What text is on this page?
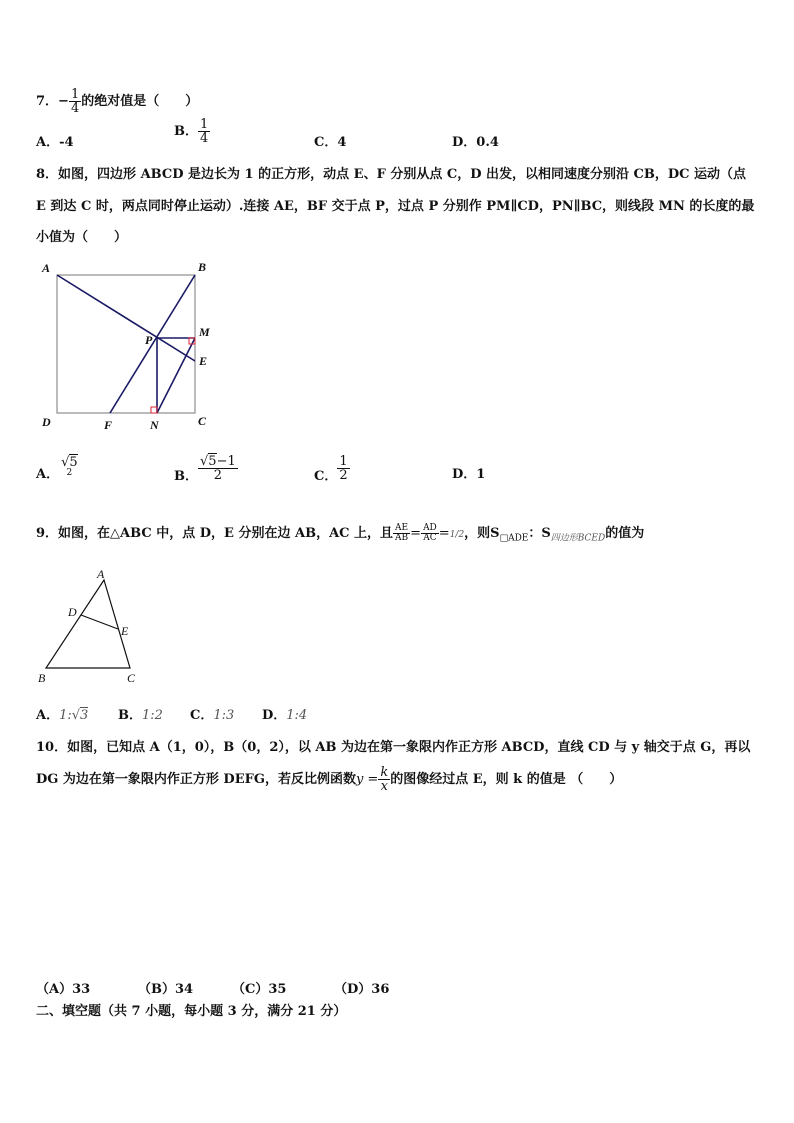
7．− $\frac{1}{4}$ 的绝对值是（　　）
A．-4
B． $\frac{1}{4}$	C．4	D．0.4
8．如图，四边形 ABCD 是边长为 1 的正方形，动点 E、F 分别从点 C，D 出发，以相同速度分别沿 CB，DC 运动（点
E 到达 C 时，两点同时停止运动）.连接 AE，BF 交于点 P，过点 P 分别作 PM∥CD，PN∥BC，则线段 MN 的长度的最
小值为（　　）
A	B
C
D
P
M
E
F	N
A．
√5
2	B． $\frac{√5-1}{2}$	C． $\frac{1}{2}$	D．1
9．如图，在△ABC 中，点 D，E 分别在边 AB，AC 上，且 $\frac{AE}{AB} = \frac{AD}{AC} =1/2$，则$S_{□ADE}$：$S_{四边形BCED}$的值为
A
B	C
D
E
A．1:√3 B．1:2 C．1:3 D．1:4
10．如图，已知点 A（1，0），B（0，2），以 AB 为边在第一象限内作正方形 ABCD，直线 CD 与 y 轴交于点 G，再以
DG 为边在第一象限内作正方形 DEFG，若反比例函数$y = \frac{k}{x}$ 的图像经过点 E，则 k 的值是 （　　）
（A）33	（B）34	（C）35	（D）36
二、填空题（共 7 小题，每小题 3 分，满分 21 分）
